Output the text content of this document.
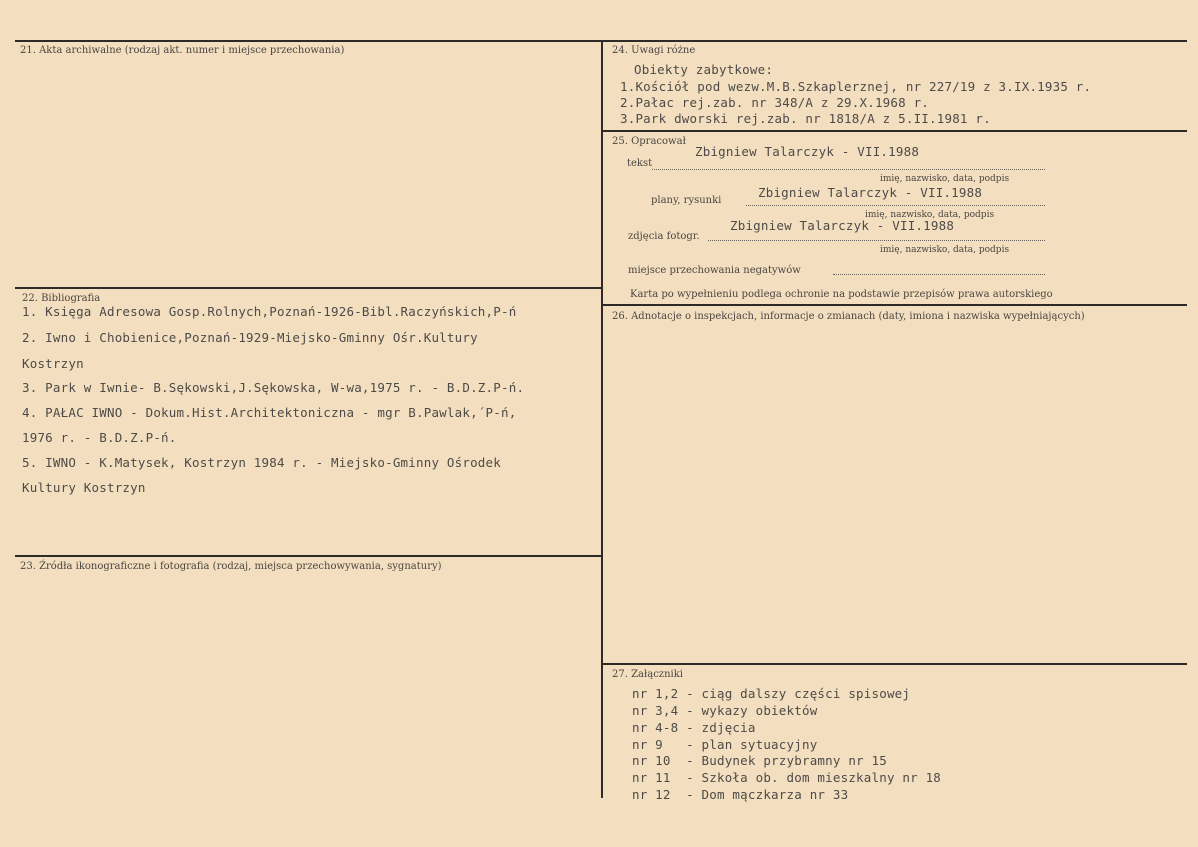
21. Akta archiwalne (rodzaj akt. numer i miejsce przechowania)
22. Bibliografia
1. Księga Adresowa Gosp.Rolnych,Poznań-1926-Bibl.Raczyńskich,P-ń
2. Iwno i Chobienice,Poznań-1929-Miejsko-Gminny Ośr.Kultury
Kostrzyn
3. Park w Iwnie- B.Sękowski,J.Sękowska, W-wa,1975 r. - B.D.Z.P-ń.
4. PAŁAC IWNO - Dokum.Hist.Architektoniczna - mgr B.Pawlak,´P-ń,
1976 r. - B.D.Z.P-ń.
5. IWNO - K.Matysek, Kostrzyn 1984 r. - Miejsko-Gminny Ośrodek
Kultury Kostrzyn
23. Źródła ikonograficzne i fotografia (rodzaj, miejsca przechowywania, sygnatury)
24. Uwagi różne
Obiekty zabytkowe:
1.Kościół pod wezw.M.B.Szkaplerznej, nr 227/19 z 3.IX.1935 r.
2.Pałac rej.zab. nr 348/A z 29.X.1968 r.
3.Park dworski rej.zab. nr 1818/A z 5.II.1981 r.
25. Opracował
tekst
Zbigniew Talarczyk - VII.1988
imię, nazwisko, data, podpis
plany, rysunki
Zbigniew Talarczyk - VII.1988
imię, nazwisko, data, podpis
zdjęcia fotogr.
Zbigniew Talarczyk - VII.1988
imię, nazwisko, data, podpis
miejsce przechowania negatywów
Karta po wypełnieniu podlega ochronie na podstawie przepisów prawa autorskiego
26. Adnotacje o inspekcjach, informacje o zmianach (daty, imiona i nazwiska wypełniających)
27. Załączniki
nr 1,2 - ciąg dalszy części spisowej
nr 3,4 - wykazy obiektów
nr 4-8 - zdjęcia
nr 9   - plan sytuacyjny
nr 10  - Budynek przybramny nr 15
nr 11  - Szkoła ob. dom mieszkalny nr 18
nr 12  - Dom mączkarza nr 33
